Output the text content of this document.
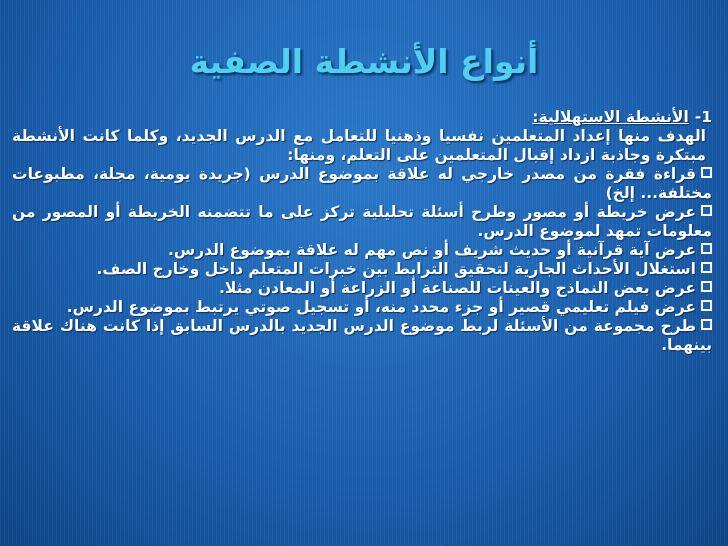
أنواع الأنشطة الصفية

1-الأنشطة الاستهلالية:

الهدف منها إعداد المتعلمين نفسيا وذهنيا للتعامل مع الدرس الجديد، وكلما كانت الأنشطة مبتكرة وجاذبة ازداد إقبال المتعلمين على التعلم، ومنها:

قراءة فقرة من مصدر خارجي له علاقة بموضوع الدرس (جريدة يومية، مجلة، مطبوعات مختلفة... إلخ)

عرض خريطة أو مصور وطرح أسئلة تحليلية تركز على ما تتضمنه الخريطة أو المصور من معلومات تمهد لموضوع الدرس.

عرض آية قرآنية أو حديث شريف أو نص مهم له علاقة بموضوع الدرس.

استغلال الأحداث الجارية لتحقيق الترابط بين خبرات المتعلم داخل وخارج الصف.

عرض بعض النماذج والعينات للصناعة أو الزراعة أو المعادن مثلا.

عرض فيلم تعليمي قصير أو جزء محدد منه، أو تسجيل صوتي يرتبط بموضوع الدرس.

طرح مجموعة من الأسئلة لربط موضوع الدرس الجديد بالدرس السابق إذا كانت هناك علاقة بينهما.
